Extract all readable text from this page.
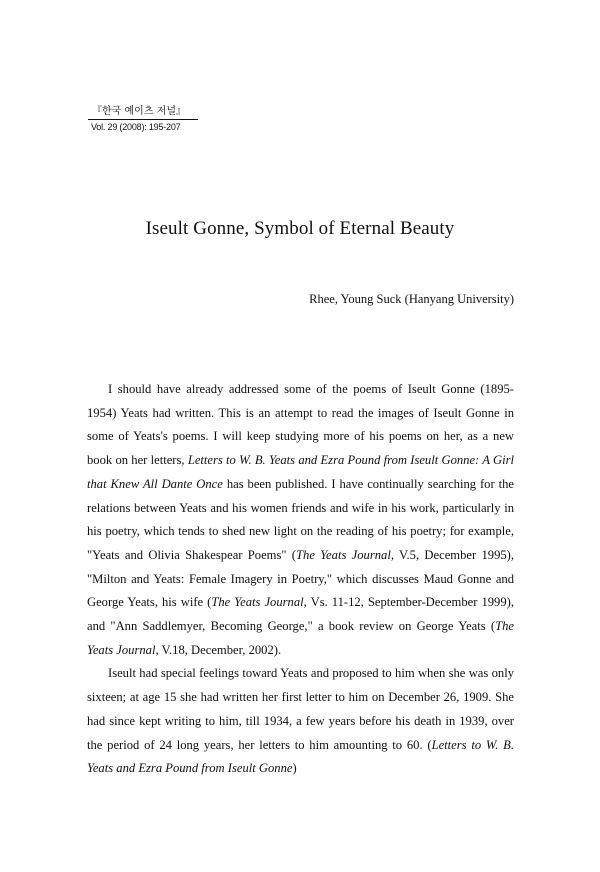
『한국 예이츠 저널』
Vol. 29 (2008): 195-207
Iseult Gonne, Symbol of Eternal Beauty
Rhee, Young Suck (Hanyang University)

I should have already addressed some of the poems of Iseult Gonne (1895-1954) Yeats had written. This is an attempt to read the images of Iseult Gonne in some of Yeats's poems. I will keep studying more of his poems on her, as a new book on her letters, Letters to W. B. Yeats and Ezra Pound from Iseult Gonne: A Girl that Knew All Dante Once has been published. I have continually searching for the relations between Yeats and his women friends and wife in his work, particularly in his poetry, which tends to shed new light on the reading of his poetry; for example, "Yeats and Olivia Shakespear Poems" (The Yeats Journal, V.5, December 1995), "Milton and Yeats: Female Imagery in Poetry," which discusses Maud Gonne and George Yeats, his wife (The Yeats Journal, Vs. 11-12, September-December 1999), and "Ann Saddlemyer, Becoming George," a book review on George Yeats (The Yeats Journal, V.18, December, 2002).

Iseult had special feelings toward Yeats and proposed to him when she was only sixteen; at age 15 she had written her first letter to him on December 26, 1909. She had since kept writing to him, till 1934, a few years before his death in 1939, over the period of 24 long years, her letters to him amounting to 60. (Letters to W. B. Yeats and Ezra Pound from Iseult Gonne)
